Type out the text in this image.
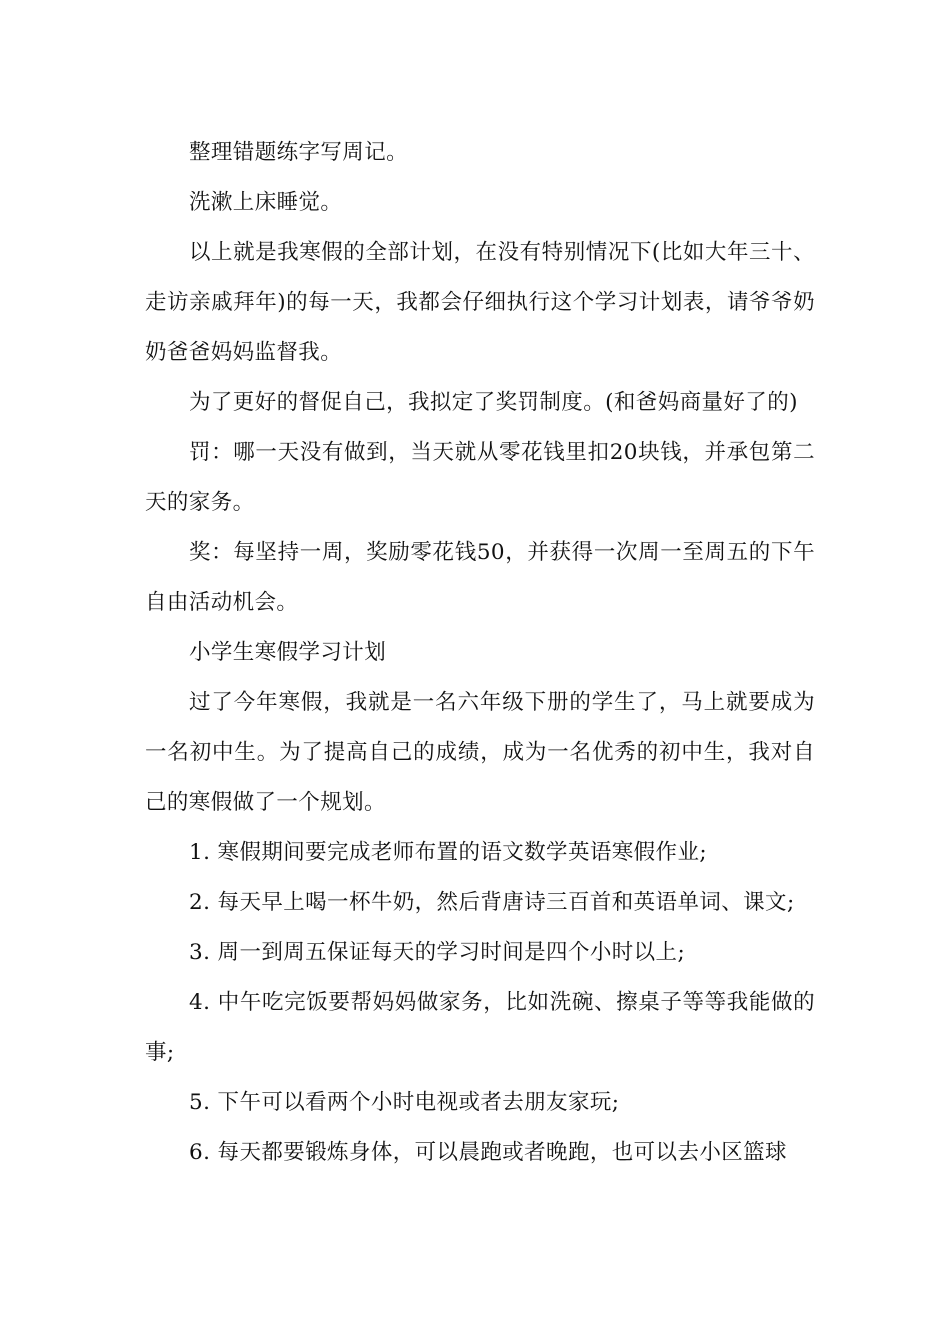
整理错题练字写周记。

洗漱上床睡觉。

以上就是我寒假的全部计划，在没有特别情况下(比如大年三十、走访亲戚拜年)的每一天，我都会仔细执行这个学习计划表，请爷爷奶奶爸爸妈妈监督我。

为了更好的督促自己，我拟定了奖罚制度。(和爸妈商量好了的)

罚：哪一天没有做到，当天就从零花钱里扣20块钱，并承包第二天的家务。

奖：每坚持一周，奖励零花钱50，并获得一次周一至周五的下午自由活动机会。

小学生寒假学习计划

过了今年寒假，我就是一名六年级下册的学生了，马上就要成为一名初中生。为了提高自己的成绩，成为一名优秀的初中生，我对自己的寒假做了一个规划。

1. 寒假期间要完成老师布置的语文数学英语寒假作业;

2. 每天早上喝一杯牛奶，然后背唐诗三百首和英语单词、课文;

3. 周一到周五保证每天的学习时间是四个小时以上;

4. 中午吃完饭要帮妈妈做家务，比如洗碗、擦桌子等等我能做的事;

5. 下午可以看两个小时电视或者去朋友家玩;

6. 每天都要锻炼身体，可以晨跑或者晚跑，也可以去小区篮球
